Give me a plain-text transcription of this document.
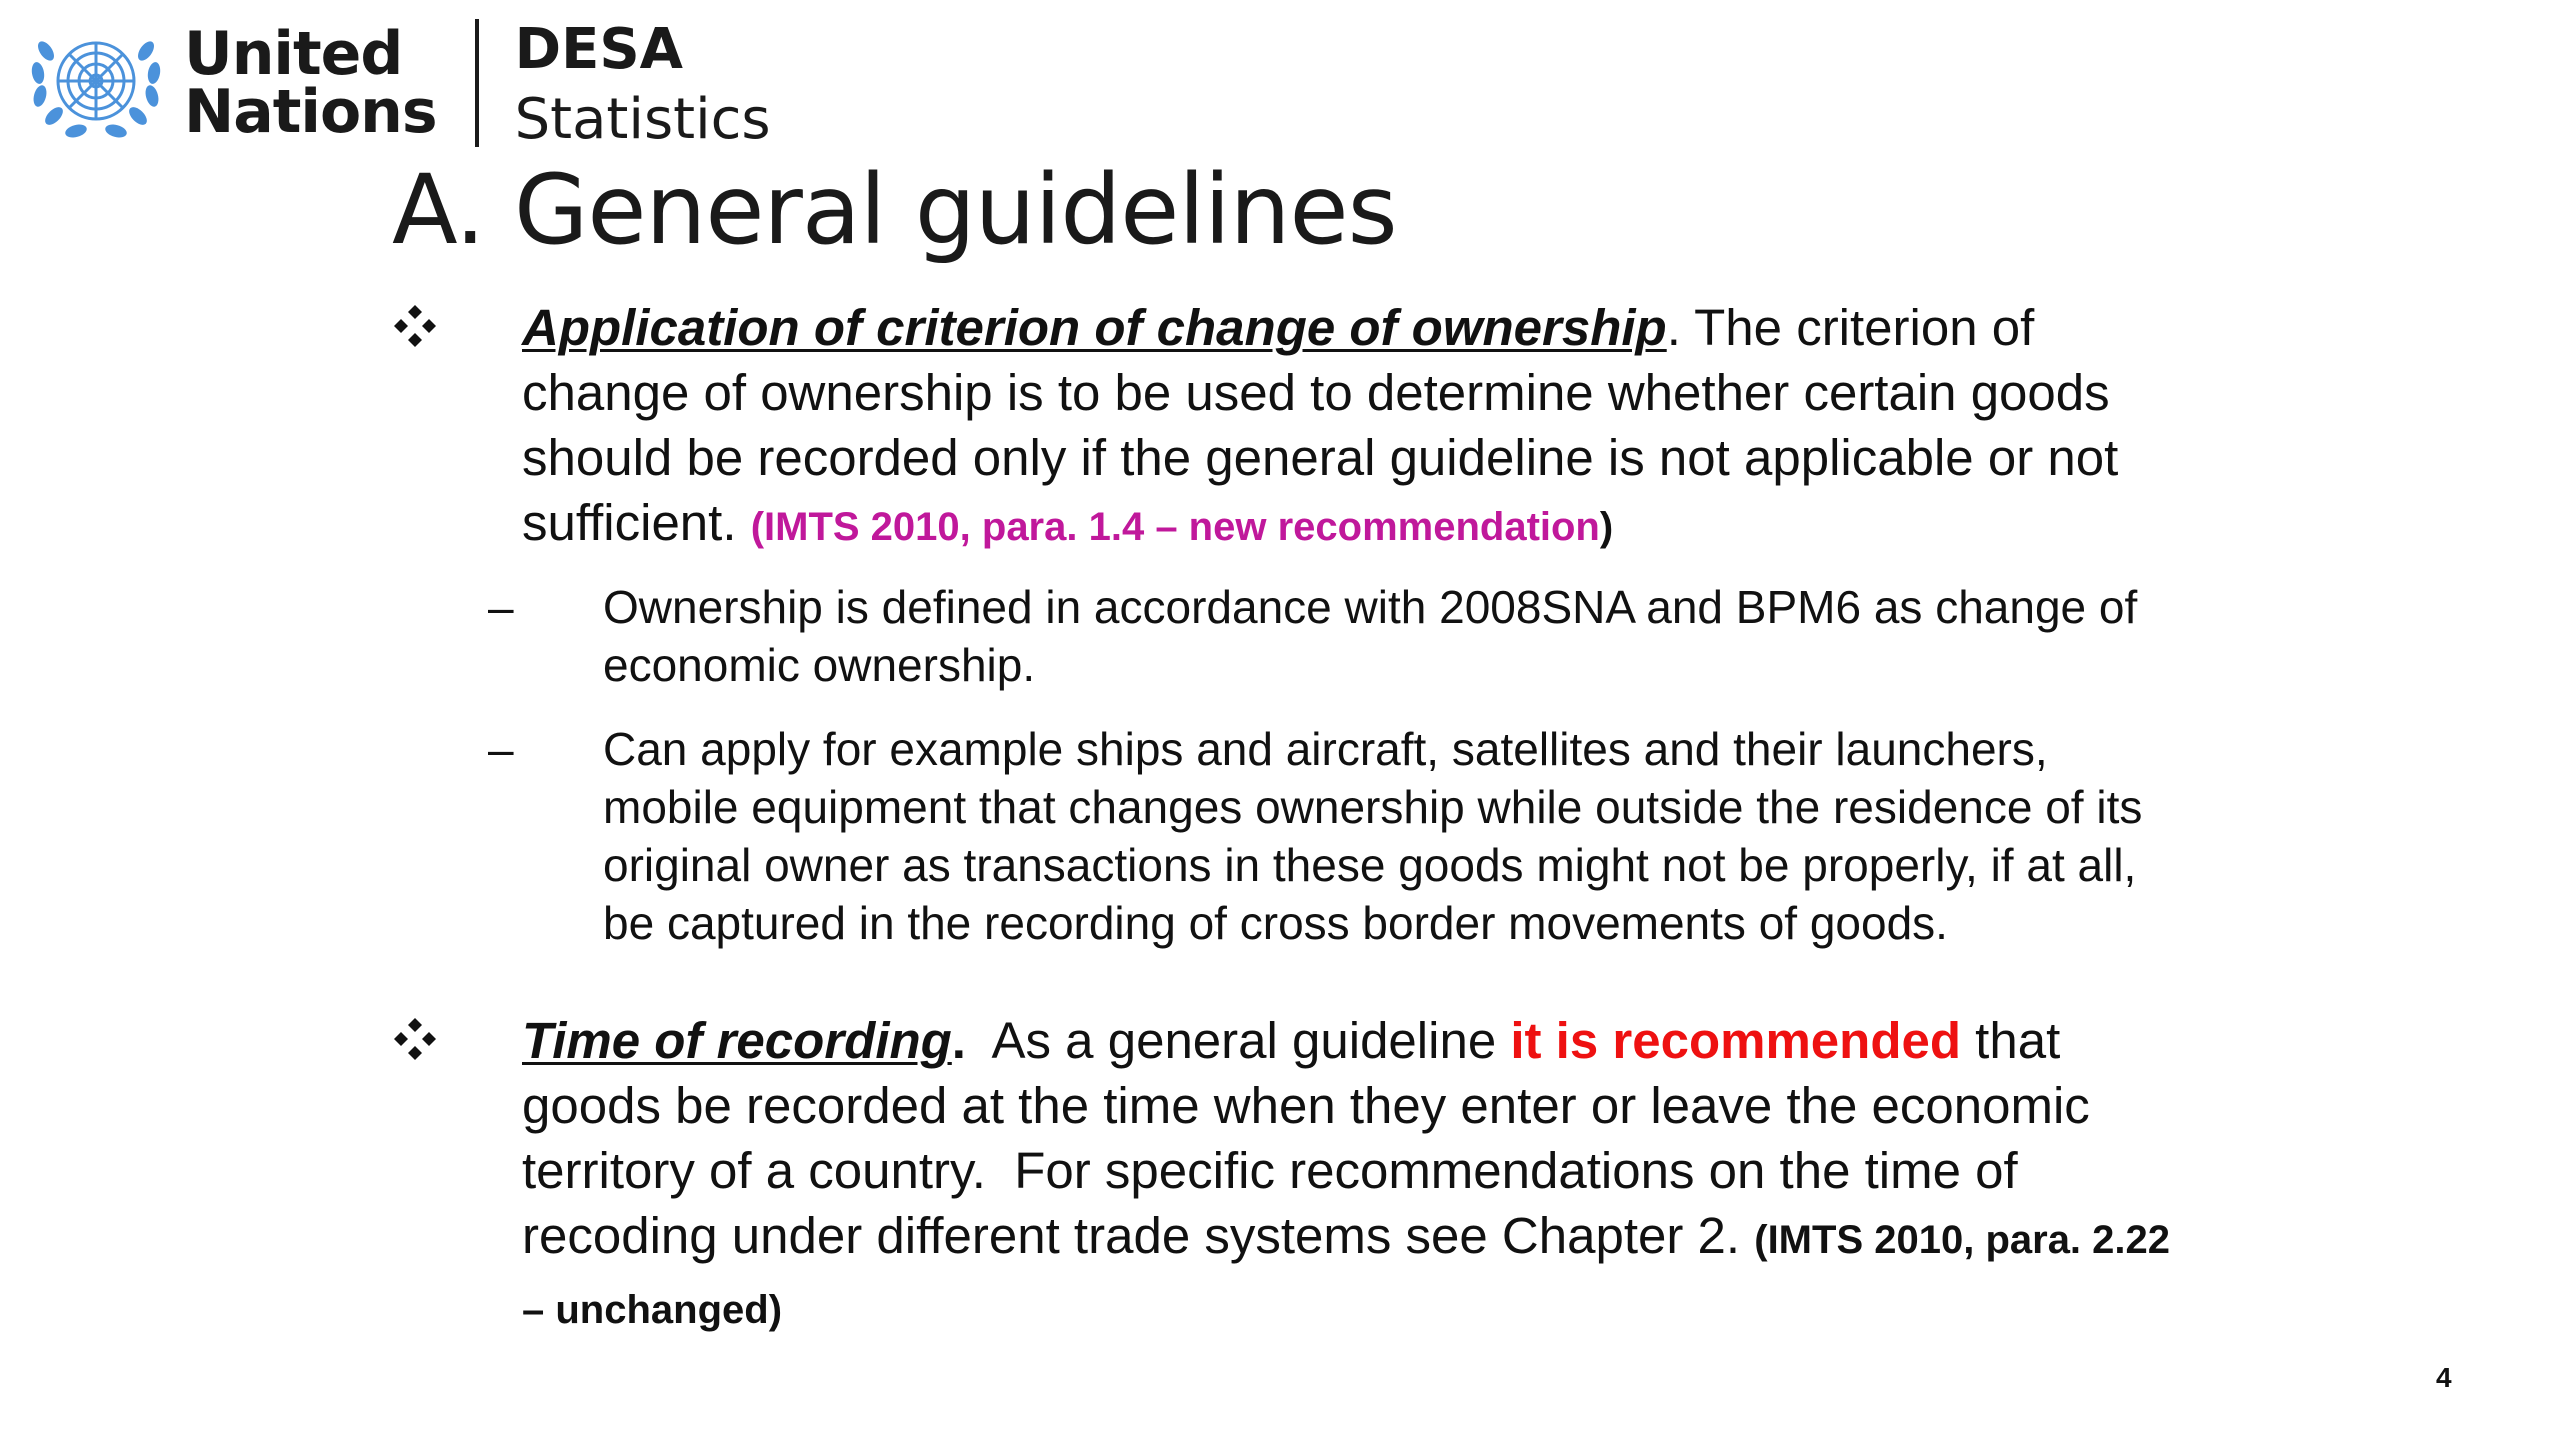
United
Nations
DESA
Statistics
A. General guidelines
Application of criterion of change of ownership. The criterion of change of ownership is to be used to determine whether certain goods should be recorded only if the general guideline is not applicable or not sufficient. (IMTS 2010, para. 1.4 – new recommendation)
– Ownership is defined in accordance with 2008SNA and BPM6 as change of economic ownership.
– Can apply for example ships and aircraft, satellites and their launchers, mobile equipment that changes ownership while outside the residence of its original owner as transactions in these goods might not be properly, if at all, be captured in the recording of cross border movements of goods.
Time of recording.  As a general guideline it is recommended that goods be recorded at the time when they enter or leave the economic territory of a country.  For specific recommendations on the time of recoding under different trade systems see Chapter 2. (IMTS 2010, para. 2.22 – unchanged)
4
